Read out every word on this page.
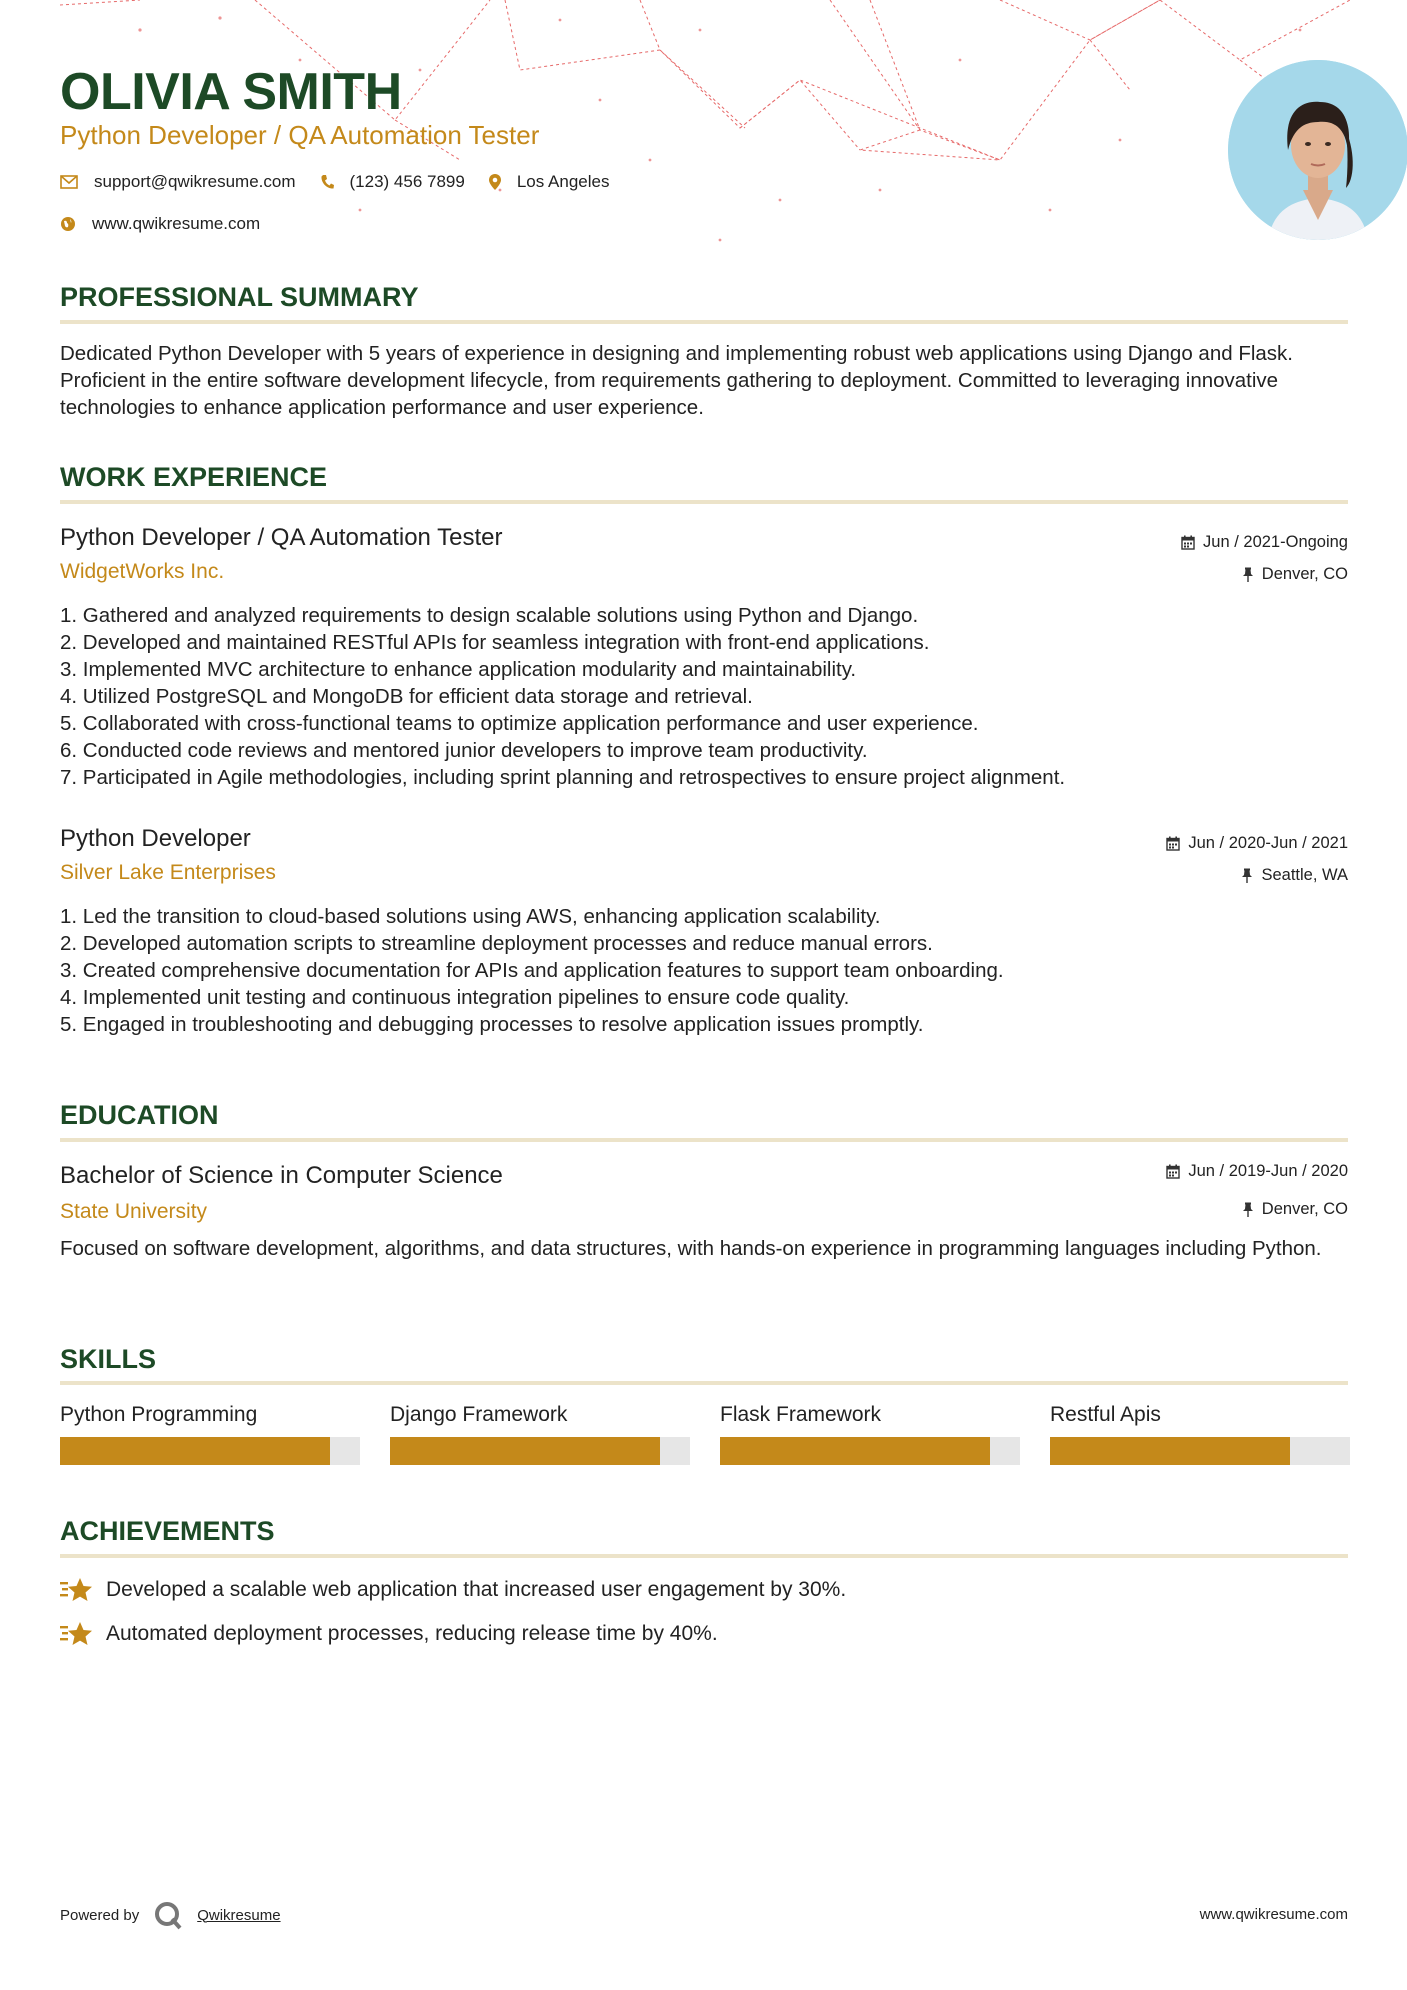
OLIVIA SMITH
Python Developer / QA Automation Tester
support@qwikresume.com	(123) 456 7899	Los Angeles
www.qwikresume.com
PROFESSIONAL SUMMARY
Dedicated Python Developer with 5 years of experience in designing and implementing robust web applications using Django and Flask. Proficient in the entire software development lifecycle, from requirements gathering to deployment. Committed to leveraging innovative technologies to enhance application performance and user experience.
WORK EXPERIENCE
Python Developer / QA Automation Tester
WidgetWorks Inc.
Jun / 2021-Ongoing
Denver, CO
1. Gathered and analyzed requirements to design scalable solutions using Python and Django.
2. Developed and maintained RESTful APIs for seamless integration with front-end applications.
3. Implemented MVC architecture to enhance application modularity and maintainability.
4. Utilized PostgreSQL and MongoDB for efficient data storage and retrieval.
5. Collaborated with cross-functional teams to optimize application performance and user experience.
6. Conducted code reviews and mentored junior developers to improve team productivity.
7. Participated in Agile methodologies, including sprint planning and retrospectives to ensure project alignment.
Python Developer
Silver Lake Enterprises
Jun / 2020-Jun / 2021
Seattle, WA
1. Led the transition to cloud-based solutions using AWS, enhancing application scalability.
2. Developed automation scripts to streamline deployment processes and reduce manual errors.
3. Created comprehensive documentation for APIs and application features to support team onboarding.
4. Implemented unit testing and continuous integration pipelines to ensure code quality.
5. Engaged in troubleshooting and debugging processes to resolve application issues promptly.
EDUCATION
Bachelor of Science in Computer Science
State University
Jun / 2019-Jun / 2020
Denver, CO
Focused on software development, algorithms, and data structures, with hands-on experience in programming languages including Python.
SKILLS
Python Programming	Django Framework	Flask Framework	Restful Apis
ACHIEVEMENTS
Developed a scalable web application that increased user engagement by 30%.
Automated deployment processes, reducing release time by 40%.
Powered by	Qwikresume	www.qwikresume.com
